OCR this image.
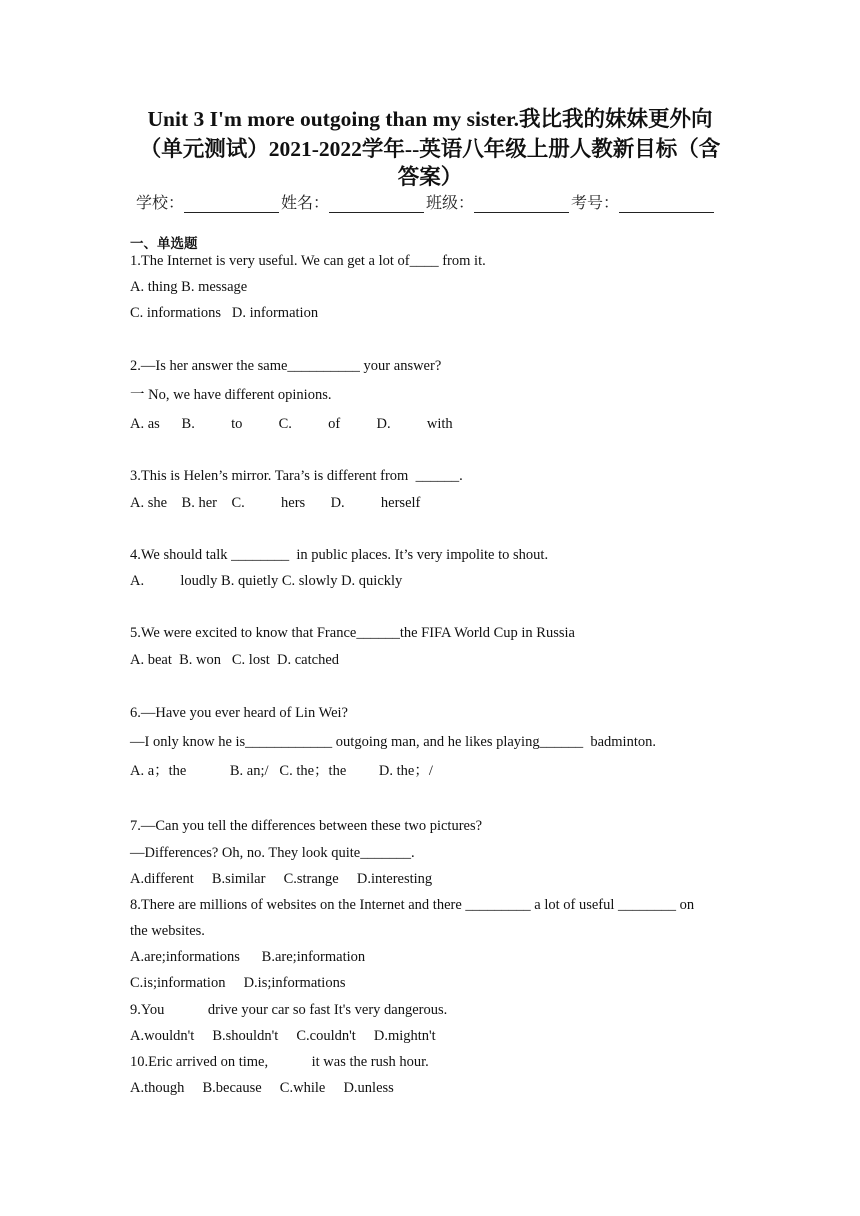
Unit 3 I'm more outgoing than my sister.我比我的妹妹更外向
（单元测试）2021-2022学年--英语八年级上册人教新目标（含
答案）
学校：	姓名：	班级：	考号：
一、单选题
1.The Internet is very useful. We can get a lot of____ from it.
A. thing B. message
C. informations   D. information
2.—Is her answer the same__________ your answer?
一 No, we have different opinions.
A. as      B.          to          C.          of          D.          with
3.This is Helen’s mirror. Tara’s is different from  ______.
A. she    B. her    C.          hers       D.          herself
4.We should talk ________  in public places. It’s very impolite to shout.
A.          loudly B. quietly C. slowly D. quickly
5.We were excited to know that France______the FIFA World Cup in Russia
A. beat  B. won   C. lost  D. catched
6.—Have you ever heard of Lin Wei?
—I only know he is____________ outgoing man, and he likes playing______  badminton.
A. a；the            B. an;/   C. the；the         D. the；/
7.—Can you tell the differences between these two pictures?
—Differences? Oh, no. They look quite_______.
A.different     B.similar     C.strange     D.interesting
8.There are millions of websites on the Internet and there _________ a lot of useful ________ on
the websites.
A.are;informations      B.are;information
C.is;information     D.is;informations
9.You            drive your car so fast It's very dangerous.
A.wouldn't     B.shouldn't     C.couldn't     D.mightn't
10.Eric arrived on time,            it was the rush hour.
A.though     B.because     C.while     D.unless
